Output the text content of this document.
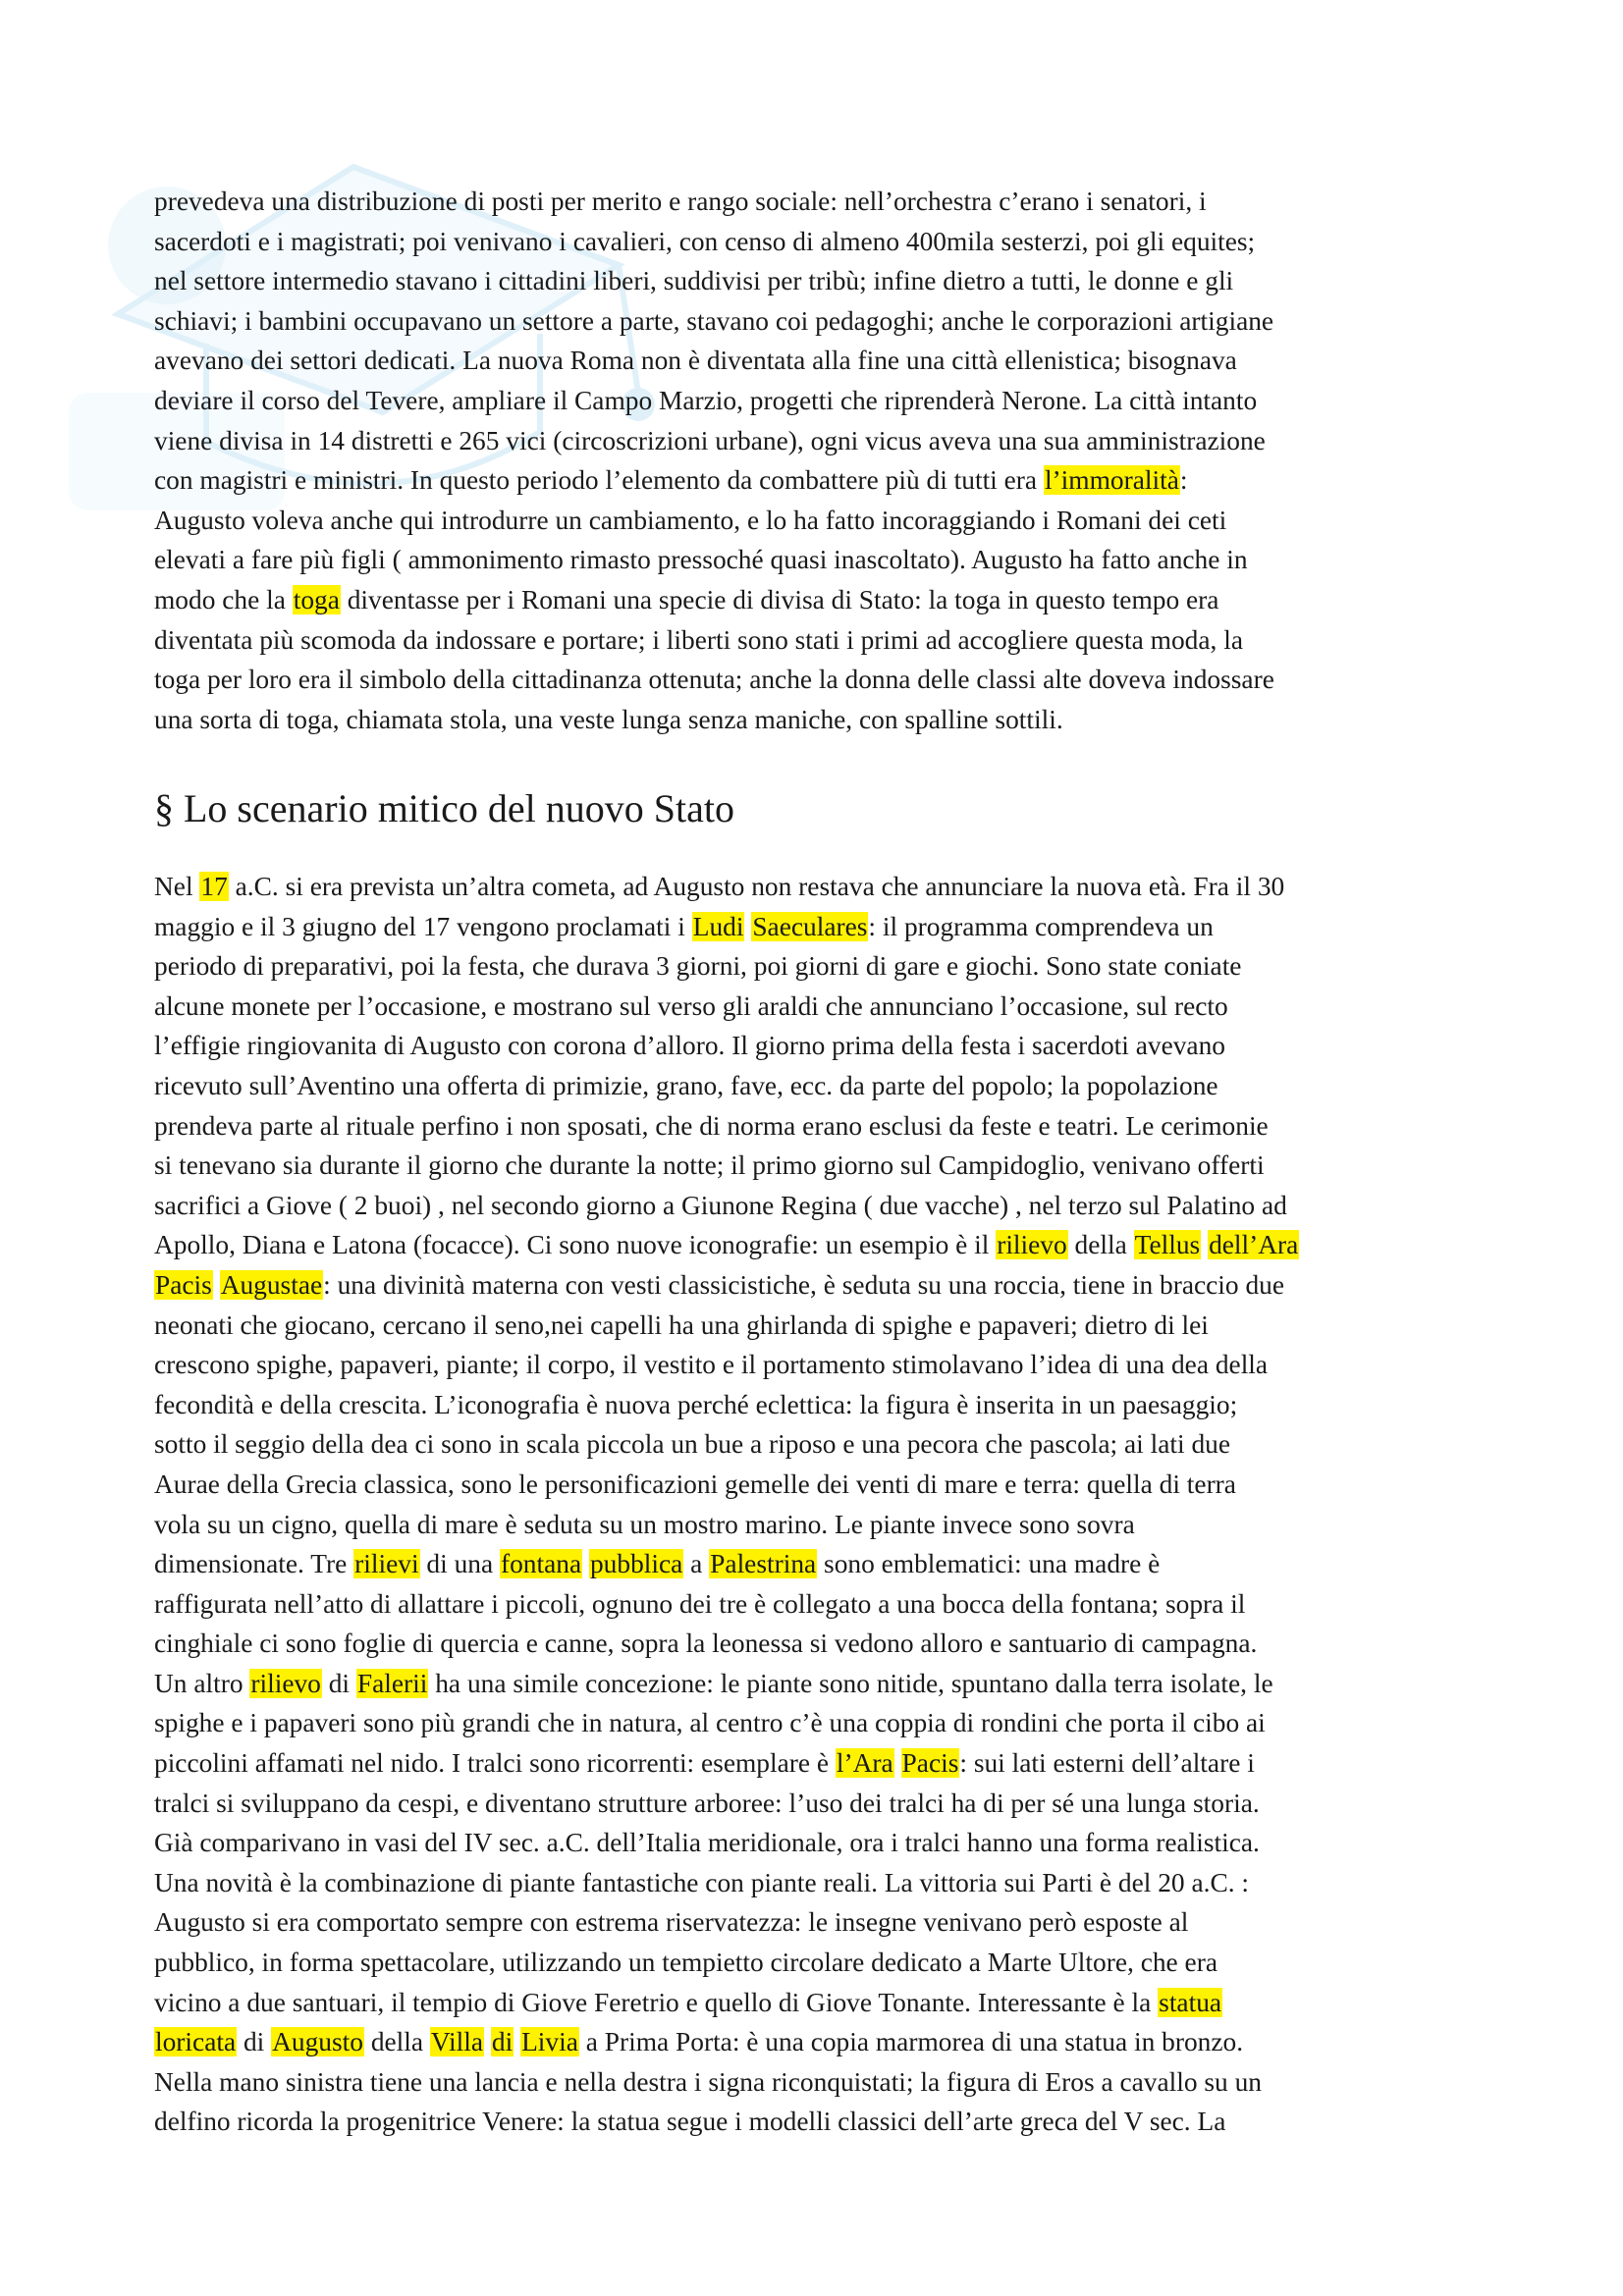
prevedeva una distribuzione di posti per merito e rango sociale: nell’orchestra c’erano i senatori, i
sacerdoti e i magistrati; poi venivano i cavalieri, con censo di almeno 400mila sesterzi, poi gli equites;
nel settore intermedio stavano i cittadini liberi, suddivisi per tribù; infine dietro a tutti, le donne e gli
schiavi; i bambini occupavano un settore a parte, stavano coi pedagoghi; anche le corporazioni artigiane
avevano dei settori dedicati. La nuova Roma non è diventata alla fine una città ellenistica; bisognava
deviare il corso del Tevere, ampliare il Campo Marzio, progetti che riprenderà Nerone. La città intanto
viene divisa in 14 distretti e 265 vici (circoscrizioni urbane), ogni vicus aveva una sua amministrazione
con magistri e ministri. In questo periodo l’elemento da combattere più di tutti era l’immoralità:
Augusto voleva anche qui introdurre un cambiamento, e lo ha fatto incoraggiando i Romani dei ceti
elevati a fare più figli ( ammonimento rimasto pressoché quasi inascoltato). Augusto ha fatto anche in
modo che la toga diventasse per i Romani una specie di divisa di Stato: la toga in questo tempo era
diventata più scomoda da indossare e portare; i liberti sono stati i primi ad accogliere questa moda, la
toga per loro era il simbolo della cittadinanza ottenuta; anche la donna delle classi alte doveva indossare
una sorta di toga, chiamata stola, una veste lunga senza maniche, con spalline sottili.

§ Lo scenario mitico del nuovo Stato

Nel 17 a.C. si era prevista un’altra cometa, ad Augusto non restava che annunciare la nuova età. Fra il 30
maggio e il 3 giugno del 17 vengono proclamati i Ludi Saeculares: il programma comprendeva un
periodo di preparativi, poi la festa, che durava 3 giorni, poi giorni di gare e giochi. Sono state coniate
alcune monete per l’occasione, e mostrano sul verso gli araldi che annunciano l’occasione, sul recto
l’effigie ringiovanita di Augusto con corona d’alloro. Il giorno prima della festa i sacerdoti avevano
ricevuto sull’Aventino una offerta di primizie, grano, fave, ecc. da parte del popolo; la popolazione
prendeva parte al rituale perfino i non sposati, che di norma erano esclusi da feste e teatri. Le cerimonie
si tenevano sia durante il giorno che durante la notte; il primo giorno sul Campidoglio, venivano offerti
sacrifici a Giove ( 2 buoi) , nel secondo giorno a Giunone Regina ( due vacche) , nel terzo sul Palatino ad
Apollo, Diana e Latona (focacce). Ci sono nuove iconografie: un esempio è il rilievo della Tellus dell’Ara
Pacis Augustae: una divinità materna con vesti classicistiche, è seduta su una roccia, tiene in braccio due
neonati che giocano, cercano il seno,nei capelli ha una ghirlanda di spighe e papaveri; dietro di lei
crescono spighe, papaveri, piante; il corpo, il vestito e il portamento stimolavano l’idea di una dea della
fecondità e della crescita. L’iconografia è nuova perché eclettica: la figura è inserita in un paesaggio;
sotto il seggio della dea ci sono in scala piccola un bue a riposo e una pecora che pascola; ai lati due
Aurae della Grecia classica, sono le personificazioni gemelle dei venti di mare e terra: quella di terra
vola su un cigno, quella di mare è seduta su un mostro marino. Le piante invece sono sovra
dimensionate. Tre rilievi di una fontana pubblica a Palestrina sono emblematici: una madre è
raffigurata nell’atto di allattare i piccoli, ognuno dei tre è collegato a una bocca della fontana; sopra il
cinghiale ci sono foglie di quercia e canne, sopra la leonessa si vedono alloro e santuario di campagna.
Un altro rilievo di Falerii ha una simile concezione: le piante sono nitide, spuntano dalla terra isolate, le
spighe e i papaveri sono più grandi che in natura, al centro c’è una coppia di rondini che porta il cibo ai
piccolini affamati nel nido. I tralci sono ricorrenti: esemplare è l’Ara Pacis: sui lati esterni dell’altare i
tralci si sviluppano da cespi, e diventano strutture arboree: l’uso dei tralci ha di per sé una lunga storia.
Già comparivano in vasi del IV sec. a.C. dell’Italia meridionale, ora i tralci hanno una forma realistica.
Una novità è la combinazione di piante fantastiche con piante reali. La vittoria sui Parti è del 20 a.C. :
Augusto si era comportato sempre con estrema riservatezza: le insegne venivano però esposte al
pubblico, in forma spettacolare, utilizzando un tempietto circolare dedicato a Marte Ultore, che era
vicino a due santuari, il tempio di Giove Feretrio e quello di Giove Tonante. Interessante è la statua
loricata di Augusto della Villa di Livia a Prima Porta: è una copia marmorea di una statua in bronzo.
Nella mano sinistra tiene una lancia e nella destra i signa riconquistati; la figura di Eros a cavallo su un
delfino ricorda la progenitrice Venere: la statua segue i modelli classici dell’arte greca del V sec. La
